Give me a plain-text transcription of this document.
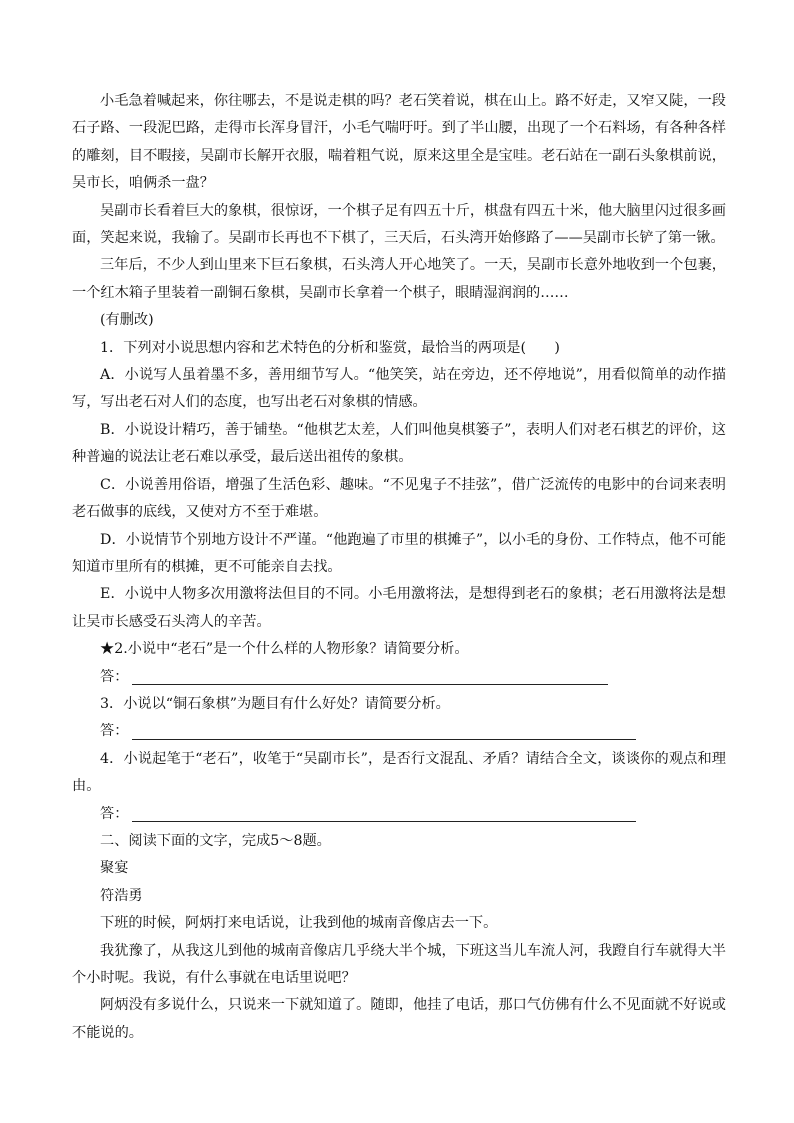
小毛急着喊起来，你往哪去，不是说走棋的吗？老石笑着说，棋在山上。路不好走，又窄又陡，一段石子路、一段泥巴路，走得市长浑身冒汗，小毛气喘吁吁。到了半山腰，出现了一个石料场，有各种各样的雕刻，目不暇接，吴副市长解开衣服，喘着粗气说，原来这里全是宝哇。老石站在一副石头象棋前说，吴市长，咱俩杀一盘？

吴副市长看着巨大的象棋，很惊讶，一个棋子足有四五十斤，棋盘有四五十米，他大脑里闪过很多画面，笑起来说，我输了。吴副市长再也不下棋了，三天后，石头湾开始修路了——吴副市长铲了第一锹。

三年后，不少人到山里来下巨石象棋，石头湾人开心地笑了。一天，吴副市长意外地收到一个包裹，一个红木箱子里装着一副铜石象棋，吴副市长拿着一个棋子，眼睛湿润润的……

(有删改)

1．下列对小说思想内容和艺术特色的分析和鉴赏，最恰当的两项是(　　)

A．小说写人虽着墨不多，善用细节写人。“他笑笑，站在旁边，还不停地说”，用看似简单的动作描写，写出老石对人们的态度，也写出老石对象棋的情感。

B．小说设计精巧，善于铺垫。“他棋艺太差，人们叫他臭棋篓子”，表明人们对老石棋艺的评价，这种普遍的说法让老石难以承受，最后送出祖传的象棋。

C．小说善用俗语，增强了生活色彩、趣味。“不见鬼子不挂弦”，借广泛流传的电影中的台词来表明老石做事的底线，又使对方不至于难堪。

D．小说情节个别地方设计不严谨。“他跑遍了市里的棋摊子”，以小毛的身份、工作特点，他不可能知道市里所有的棋摊，更不可能亲自去找。

E．小说中人物多次用激将法但目的不同。小毛用激将法，是想得到老石的象棋；老石用激将法是想让吴市长感受石头湾人的辛苦。

★2.小说中“老石”是一个什么样的人物形象？请简要分析。

答：

3．小说以“铜石象棋”为题目有什么好处？请简要分析。

答：

4．小说起笔于“老石”，收笔于“吴副市长”，是否行文混乱、矛盾？请结合全文，谈谈你的观点和理由。

答：

二、阅读下面的文字，完成5～8题。

聚宴

符浩勇

下班的时候，阿炳打来电话说，让我到他的城南音像店去一下。

我犹豫了，从我这儿到他的城南音像店几乎绕大半个城，下班这当儿车流人河，我蹬自行车就得大半个小时呢。我说，有什么事就在电话里说吧？

阿炳没有多说什么，只说来一下就知道了。随即，他挂了电话，那口气仿佛有什么不见面就不好说或不能说的。
